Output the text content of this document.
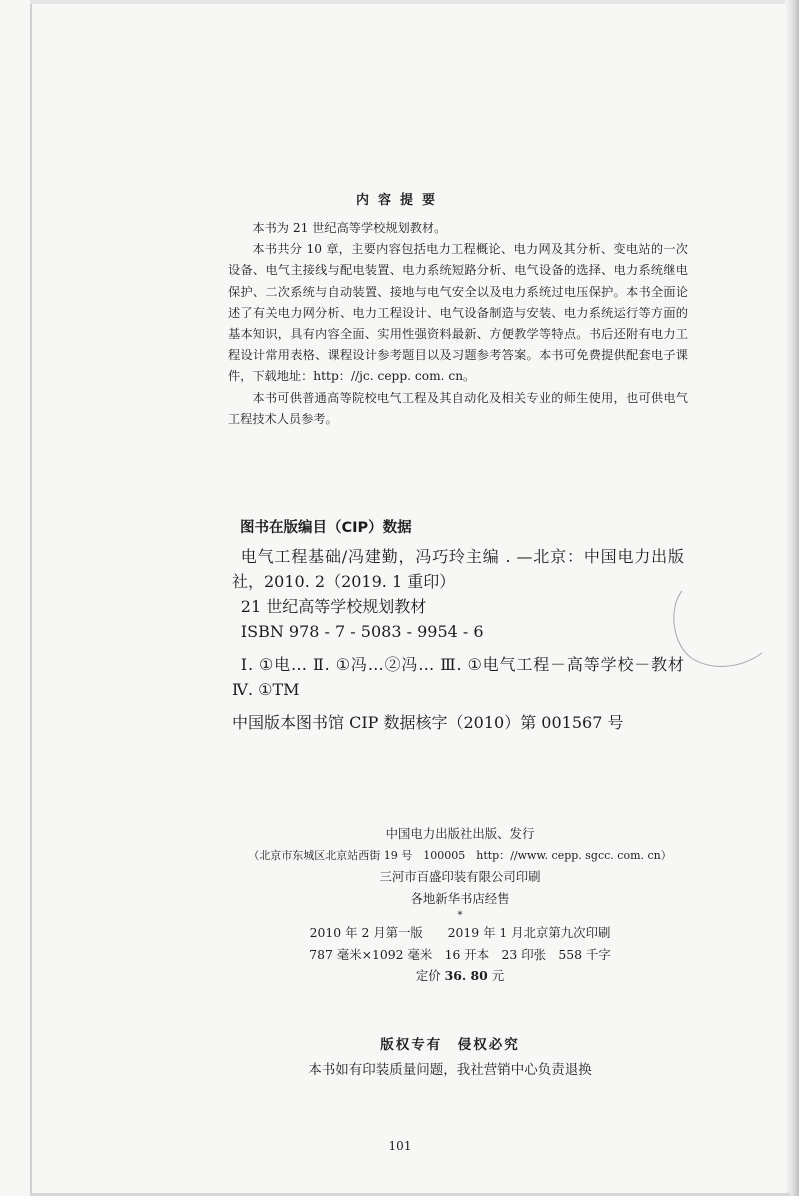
内容提要

本书为 21 世纪高等学校规划教材。

本书共分 10 章，主要内容包括电力工程概论、电力网及其分析、变电站的一次设备、电气主接线与配电装置、电力系统短路分析、电气设备的选择、电力系统继电保护、二次系统与自动装置、接地与电气安全以及电力系统过电压保护。本书全面论述了有关电力网分析、电力工程设计、电气设备制造与安装、电力系统运行等方面的基本知识，具有内容全面、实用性强资料最新、方便教学等特点。书后还附有电力工程设计常用表格、课程设计参考题目以及习题参考答案。本书可免费提供配套电子课件，下载地址：http：//jc. cepp. com. cn。

本书可供普通高等院校电气工程及其自动化及相关专业的师生使用，也可供电气工程技术人员参考。

图书在版编目（CIP）数据

电气工程基础/冯建勤，冯巧玲主编 . —北京：中国电力出版社，2010. 2（2019. 1 重印）

21 世纪高等学校规划教材

ISBN 978 - 7 - 5083 - 9954 - 6

Ⅰ. ①电… Ⅱ. ①冯…②冯… Ⅲ. ①电气工程－高等学校－教材 Ⅳ. ①TM

中国版本图书馆 CIP 数据核字（2010）第 001567 号

中国电力出版社出版、发行
（北京市东城区北京站西街 19 号　100005　http：//www. cepp. sgcc. com. cn）
三河市百盛印装有限公司印刷
各地新华书店经售
*
2010 年 2 月第一版　　2019 年 1 月北京第九次印刷
787 毫米×1092 毫米　16 开本　23 印张　558 千字
定价 36. 80 元
版权专有　侵权必究
本书如有印装质量问题，我社营销中心负责退换
101
